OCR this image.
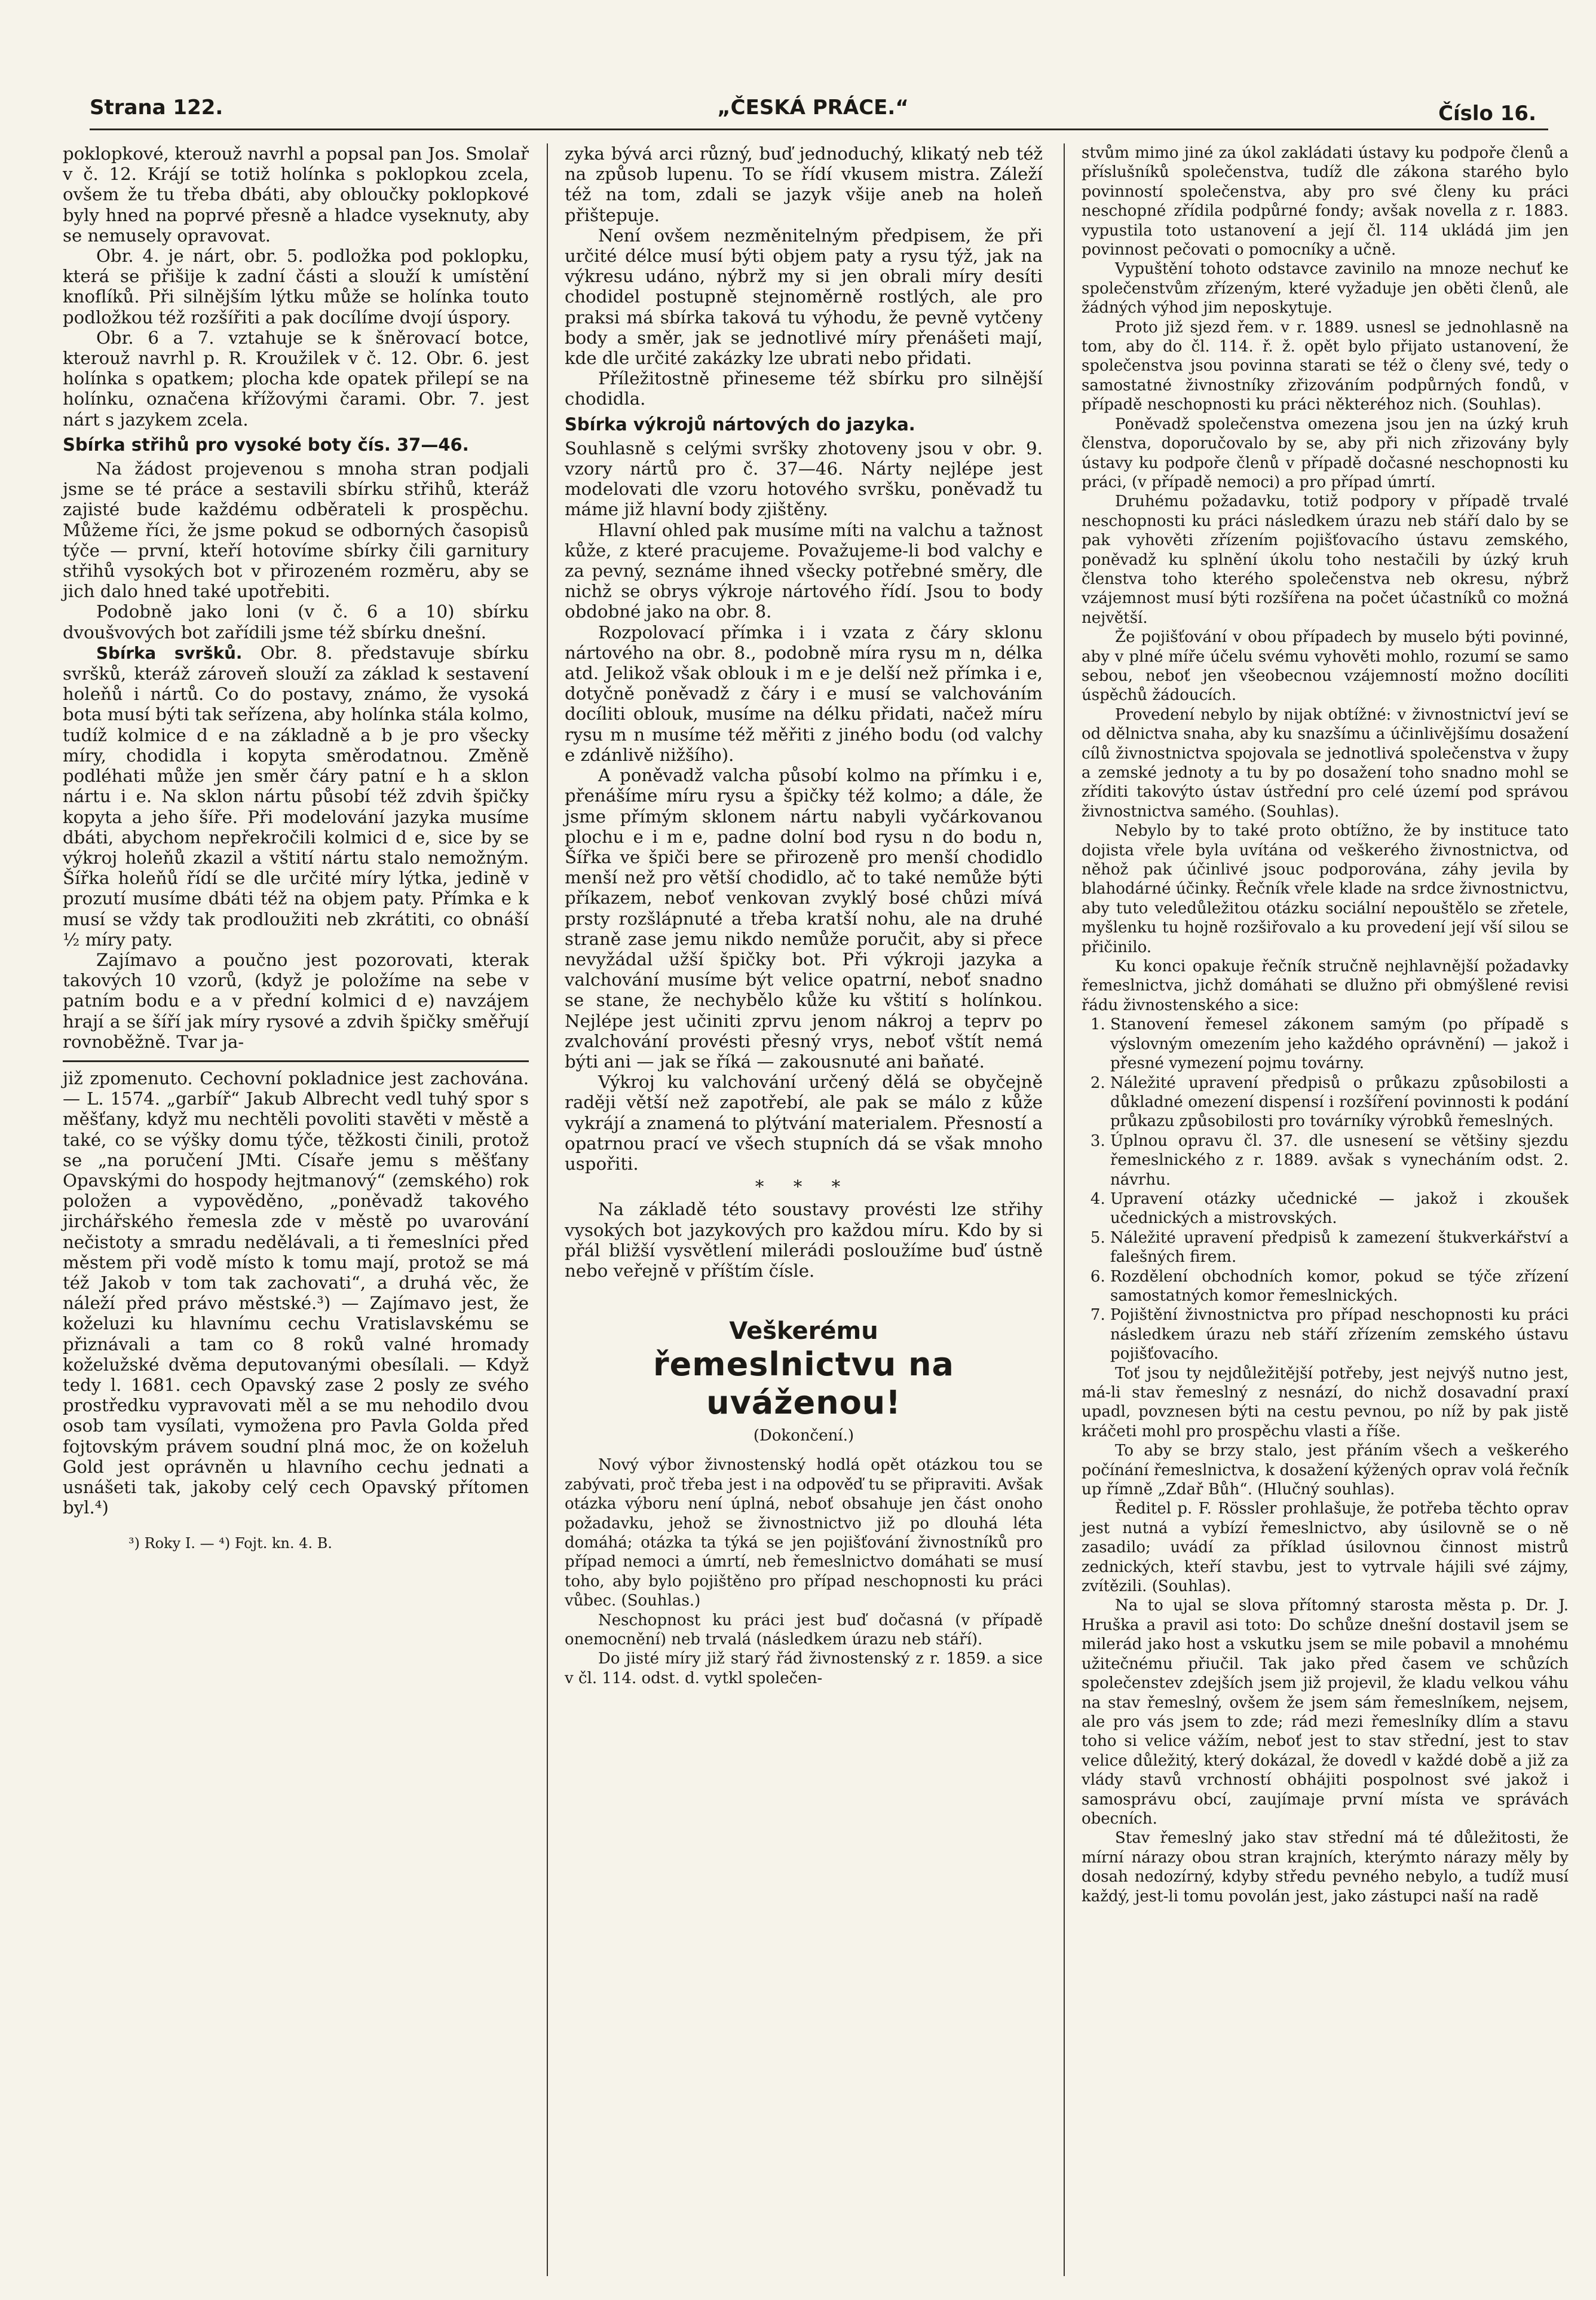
Strana 122.	„ČESKÁ PRÁCE.“	Číslo 16.

poklopkové, kterouž navrhl a popsal pan Jos. Smolař v č. 12. Krájí se totiž holínka s poklopkou zcela, ovšem že tu třeba dbáti, aby obloučky poklopkové byly hned na poprvé přesně a hladce vyseknuty, aby se nemusely opravovat.

Obr. 4. je nárt, obr. 5. podložka pod poklopku, která se přišije k zadní části a slouží k umístění knoflíků. Při silnějším lýtku může se holínka touto podložkou též rozšířiti a pak docílíme dvojí úspory.

Obr. 6 a 7. vztahuje se k šněrovací botce, kterouž navrhl p. R. Kroužilek v č. 12. Obr. 6. jest holínka s opatkem; plocha kde opatek přilepí se na holínku, označena křížovými čarami. Obr. 7. jest nárt s jazykem zcela.

Sbírka střihů pro vysoké boty čís. 37—46.

Na žádost projevenou s mnoha stran podjali jsme se té práce a sestavili sbírku střihů, kteráž zajisté bude každému odběrateli k prospěchu. Můžeme říci, že jsme pokud se odborných časopisů týče — první, kteří hotovíme sbírky čili garnitury střihů vysokých bot v přirozeném rozměru, aby se jich dalo hned také upotřebiti.

Podobně jako loni (v č. 6 a 10) sbírku dvoušvových bot zařídili jsme též sbírku dnešní.

Sbírka svršků. Obr. 8. představuje sbírku svršků, kteráž zároveň slouží za základ k sestavení holeňů i nártů. Co do postavy, známo, že vysoká bota musí býti tak seřízena, aby holínka stála kolmo, tudíž kolmice d e na základně a b je pro všecky míry, chodidla i kopyta směrodatnou. Změně podléhati může jen směr čáry patní e h a sklon nártu i e. Na sklon nártu působí též zdvih špičky kopyta a jeho šíře. Při modelování jazyka musíme dbáti, abychom nepřekročili kolmici d e, sice by se výkroj holeňů zkazil a vštití nártu stalo nemožným. Šířka holeňů řídí se dle určité míry lýtka, jedině v prozutí musíme dbáti též na objem paty. Přímka e k musí se vždy tak prodloužiti neb zkrátiti, co obnáší ½ míry paty.

Zajímavo a poučno jest pozorovati, kterak takových 10 vzorů, (když je položíme na sebe v patním bodu e a v přední kolmici d e) navzájem hrají a se šíří jak míry rysové a zdvih špičky směřují rovnoběžně. Tvar ja-

již zpomenuto. Cechovní pokladnice jest zachována. — L. 1574. „garbíř“ Jakub Albrecht vedl tuhý spor s měšťany, když mu nechtěli povoliti stavěti v městě a také, co se výšky domu týče, těžkosti činili, protož se „na poručení JMti. Císaře jemu s měšťany Opavskými do hospody hejtmanový“ (zemského) rok položen a vypověděno, „poněvadž takového jirchářského řemesla zde v městě po uvarování nečistoty a smradu nedělávali, a ti řemeslníci před městem při vodě místo k tomu mají, protož se má též Jakob v tom tak zachovati“, a druhá věc, že náleží před právo městské.³) — Zajímavo jest, že koželuzi ku hlavnímu cechu Vratislavskému se přiznávali a tam co 8 roků valné hromady koželužské dvěma deputovanými obesílali. — Když tedy l. 1681. cech Opavský zase 2 posly ze svého prostředku vypravovati měl a se mu nehodilo dvou osob tam vysílati, vymožena pro Pavla Golda před fojtovským právem soudní plná moc, že on koželuh Gold jest oprávněn u hlavního cechu jednati a usnášeti tak, jakoby celý cech Opavský přítomen byl.⁴)

³) Roky I. — ⁴) Fojt. kn. 4. B.

zyka bývá arci různý, buď jednoduchý, klikatý neb též na způsob lupenu. To se řídí vkusem mistra. Záleží též na tom, zdali se jazyk všije aneb na holeň přištepuje.

Není ovšem nezměnitelným předpisem, že při určité délce musí býti objem paty a rysu týž, jak na výkresu udáno, nýbrž my si jen obrali míry desíti chodidel postupně stejnoměrně rostlých, ale pro praksi má sbírka taková tu výhodu, že pevně vytčeny body a směr, jak se jednotlivé míry přenášeti mají, kde dle určité zakázky lze ubrati nebo přidati.

Příležitostně přineseme též sbírku pro silnější chodidla.

Sbírka výkrojů nártových do jazyka.

Souhlasně s celými svršky zhotoveny jsou v obr. 9. vzory nártů pro č. 37—46. Nárty nejlépe jest modelovati dle vzoru hotového svršku, poněvadž tu máme již hlavní body zjištěny.

Hlavní ohled pak musíme míti na valchu a tažnost kůže, z které pracujeme. Považujeme-li bod valchy e za pevný, seznáme ihned všecky potřebné směry, dle nichž se obrys výkroje nártového řídí. Jsou to body obdobné jako na obr. 8.

Rozpolovací přímka i i vzata z čáry sklonu nártového na obr. 8., podobně míra rysu m n, délka atd. Jelikož však oblouk i m e je delší než přímka i e, dotyčně poněvadž z čáry i e musí se valchováním docíliti oblouk, musíme na délku přidati, načež míru rysu m n musíme též měřiti z jiného bodu (od valchy e zdánlivě nižšího).

A poněvadž valcha působí kolmo na přímku i e, přenášíme míru rysu a špičky též kolmo; a dále, že jsme přímým sklonem nártu nabyli vyčárkovanou plochu e i m e, padne dolní bod rysu n do bodu n, Šířka ve špiči bere se přirozeně pro menší chodidlo menší než pro větší chodidlo, ač to také nemůže býti příkazem, neboť venkovan zvyklý bosé chůzi mívá prsty rozšlápnuté a třeba kratší nohu, ale na druhé straně zase jemu nikdo nemůže poručit, aby si přece nevyžádal užší špičky bot. Při výkroji jazyka a valchování musíme být velice opatrní, neboť snadno se stane, že nechybělo kůže ku vštití s holínkou. Nejlépe jest učiniti zprvu jenom nákroj a teprv po zvalchování provésti přesný vrys, neboť vštít nemá býti ani — jak se říká — zakousnuté ani baňaté.

Výkroj ku valchování určený dělá se obyčejně raději větší než zapotřebí, ale pak se málo z kůže vykrájí a znamená to plýtvání materialem. Přesností a opatrnou prací ve všech stupních dá se však mnoho uspořiti.

* * *

Na základě této soustavy provésti lze střihy vysokých bot jazykových pro každou míru. Kdo by si přál bližší vysvětlení milerádi posloužíme buď ústně nebo veřejně v příštím čísle.

Veškerému
řemeslnictvu na uváženou!
(Dokončení.)

Nový výbor živnostenský hodlá opět otázkou tou se zabývati, proč třeba jest i na odpověď tu se připraviti. Avšak otázka výboru není úplná, neboť obsahuje jen část onoho požadavku, jehož se živnostnictvo již po dlouhá léta domáhá; otázka ta týká se jen pojišťování živnostníků pro případ nemoci a úmrtí, neb řemeslnictvo domáhati se musí toho, aby bylo pojištěno pro případ neschopnosti ku práci vůbec. (Souhlas.)

Neschopnost ku práci jest buď dočasná (v případě onemocnění) neb trvalá (následkem úrazu neb stáří).

Do jisté míry již starý řád živnostenský z r. 1859. a sice v čl. 114. odst. d. vytkl společen-

stvům mimo jiné za úkol zakládati ústavy ku podpoře členů a příslušníků společenstva, tudíž dle zákona starého bylo povinností společenstva, aby pro své členy ku práci neschopné zřídila podpůrné fondy; avšak novella z r. 1883. vypustila toto ustanovení a její čl. 114 ukládá jim jen povinnost pečovati o pomocníky a učně.

Vypuštění tohoto odstavce zavinilo na mnoze nechuť ke společenstvům zřízeným, které vyžaduje jen oběti členů, ale žádných výhod jim neposkytuje.

Proto již sjezd řem. v r. 1889. usnesl se jednohlasně na tom, aby do čl. 114. ř. ž. opět bylo přijato ustanovení, že společenstva jsou povinna starati se též o členy své, tedy o samostatné živnostníky zřizováním podpůrných fondů, v případě neschopnosti ku práci některéhoz nich. (Souhlas).

Poněvadž společenstva omezena jsou jen na úzký kruh členstva, doporučovalo by se, aby při nich zřizovány byly ústavy ku podpoře členů v případě dočasné neschopnosti ku práci, (v případě nemoci) a pro případ úmrtí.

Druhému požadavku, totiž podpory v případě trvalé neschopnosti ku práci následkem úrazu neb stáří dalo by se pak vyhověti zřízením pojišťovacího ústavu zemského, poněvadž ku splnění úkolu toho nestačili by úzký kruh členstva toho kterého společenstva neb okresu, nýbrž vzájemnost musí býti rozšířena na počet účastníků co možná největší.

Že pojišťování v obou případech by muselo býti povinné, aby v plné míře účelu svému vyhověti mohlo, rozumí se samo sebou, neboť jen všeobecnou vzájemností možno docíliti úspěchů žádoucích.

Provedení nebylo by nijak obtížné: v živnostnictví jeví se od dělnictva snaha, aby ku snazšímu a účinlivějšímu dosažení cílů živnostnictva spojovala se jednotlivá společenstva v župy a zemské jednoty a tu by po dosažení toho snadno mohl se zříditi takovýto ústav ústřední pro celé území pod správou živnostnictva samého. (Souhlas).

Nebylo by to také proto obtížno, že by instituce tato dojista vřele byla uvítána od veškerého živnostnictva, od něhož pak účinlivé jsouc podporována, záhy jevila by blahodárné účinky. Řečník vřele klade na srdce živnostnictvu, aby tuto veledůležitou otázku sociální nepouštělo se zřetele, myšlenku tu hojně rozšiřovalo a ku provedení její vší silou se přičinilo.

Ku konci opakuje řečník stručně nejhlavnější požadavky řemeslnictva, jichž domáhati se dlužno při obmýšlené revisi řádu živnostenského a sice:

1. Stanovení řemesel zákonem samým (po případě s výslovným omezením jeho každého oprávnění) — jakož i přesné vymezení pojmu továrny.
2. Náležité upravení předpisů o průkazu způsobilosti a důkladné omezení dispensí i rozšíření povinnosti k podání průkazu způsobilosti pro továrníky výrobků řemeslných.
3. Úplnou opravu čl. 37. dle usnesení se většiny sjezdu řemeslnického z r. 1889. avšak s vynecháním odst. 2. návrhu.
4. Upravení otázky učednické — jakož i zkoušek učednických a mistrovských.
5. Náležité upravení předpisů k zamezení štukverkářství a falešných firem.
6. Rozdělení obchodních komor, pokud se týče zřízení samostatných komor řemeslnických.
7. Pojištění živnostnictva pro případ neschopnosti ku práci následkem úrazu neb stáří zřízením zemského ústavu pojišťovacího.

Toť jsou ty nejdůležitější potřeby, jest nejvýš nutno jest, má-li stav řemeslný z nesnází, do nichž dosavadní praxí upadl, povznesen býti na cestu pevnou, po níž by pak jistě kráčeti mohl pro prospěchu vlasti a říše.

To aby se brzy stalo, jest přáním všech a veškerého počínání řemeslnictva, k dosažení kýžených oprav volá řečník up římně „Zdař Bůh“. (Hlučný souhlas).

Ředitel p. F. Rössler prohlašuje, že potřeba těchto oprav jest nutná a vybízí řemeslnictvo, aby úsilovně se o ně zasadilo; uvádí za příklad úsilovnou činnost mistrů zednických, kteří stavbu, jest to vytrvale hájili své zájmy, zvítězili. (Souhlas).

Na to ujal se slova přítomný starosta města p. Dr. J. Hruška a pravil asi toto: Do schůze dnešní dostavil jsem se milerád jako host a vskutku jsem se mile pobavil a mnohému užitečnému přiučil. Tak jako před časem ve schůzích společenstev zdejších jsem již projevil, že kladu velkou váhu na stav řemeslný, ovšem že jsem sám řemeslníkem, nejsem, ale pro vás jsem to zde; rád mezi řemeslníky dlím a stavu toho si velice vážím, neboť jest to stav střední, jest to stav velice důležitý, který dokázal, že dovedl v každé době a již za vlády stavů vrchností obhájiti pospolnost své jakož i samosprávu obcí, zaujímaje první místa ve správách obecních.

Stav řemeslný jako stav střední má té důležitosti, že mírní nárazy obou stran krajních, kterýmto nárazy měly by dosah nedozírný, kdyby středu pevného nebylo, a tudíž musí každý, jest-li tomu povolán jest, jako zástupci naší na radě
